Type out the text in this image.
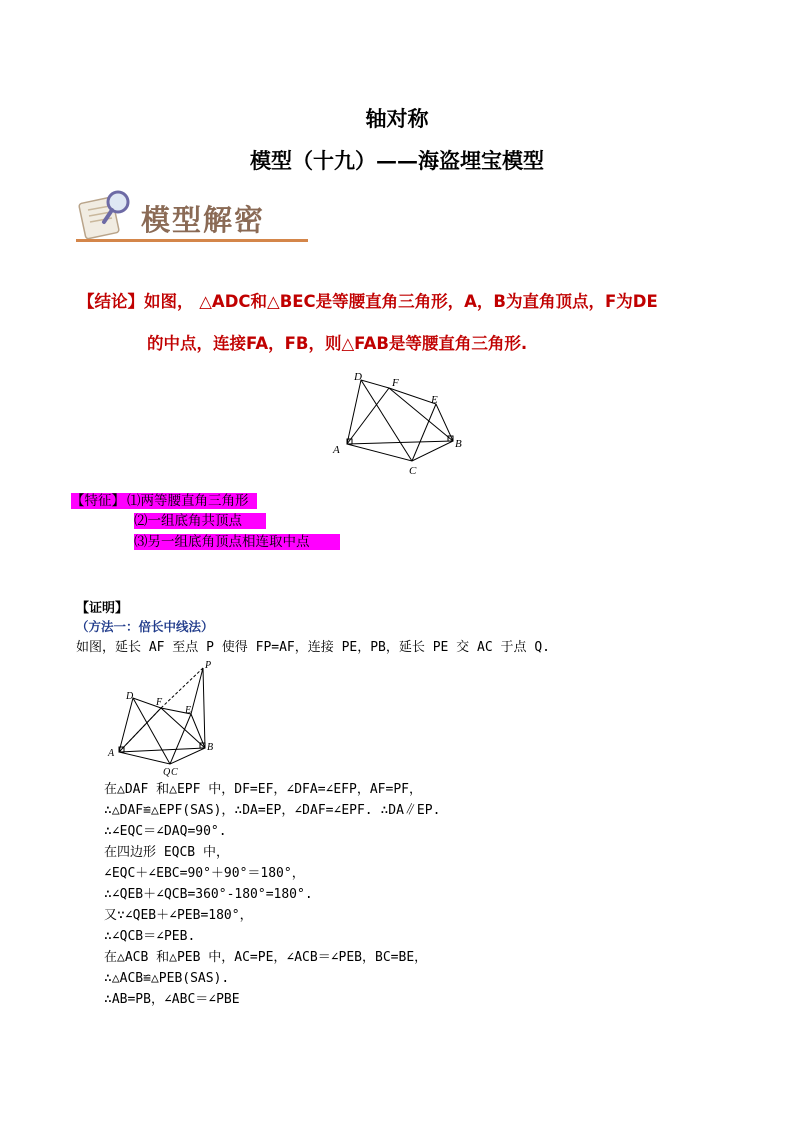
轴对称
模型（十九）——海盗埋宝模型
模型解密
【结论】如图， △ADC和△BEC是等腰直角三角形，A，B为直角顶点，F为DE
的中点，连接FA，FB，则△FAB是等腰直角三角形.
D	F
E
A	B
C
【特征】 ⑴两等腰直角三角形
⑵一组底角共顶点
⑶另一组底角顶点相连取中点
【证明】
（方法一：倍长中线法）
如图，延长 AF 至点 P 使得 FP=AF，连接 PE，PB，延长 PE 交 AC 于点 Q.
P
D
F
E
A
B
Q C
在△DAF 和△EPF 中，DF=EF，∠DFA=∠EFP，AF=PF，
∴△DAF≌△EPF(SAS)，∴DA=EP，∠DAF=∠EPF. ∴DA∥EP.
∴∠EQC＝∠DAQ=90°.
在四边形 EQCB 中，
∠EQC＋∠EBC=90°＋90°＝180°，
∴∠QEB＋∠QCB=360°-180°=180°.
又∵∠QEB＋∠PEB=180°，
∴∠QCB＝∠PEB.
在△ACB 和△PEB 中，AC=PE，∠ACB＝∠PEB，BC=BE，
∴△ACB≌△PEB(SAS).
∴AB=PB，∠ABC＝∠PBE
